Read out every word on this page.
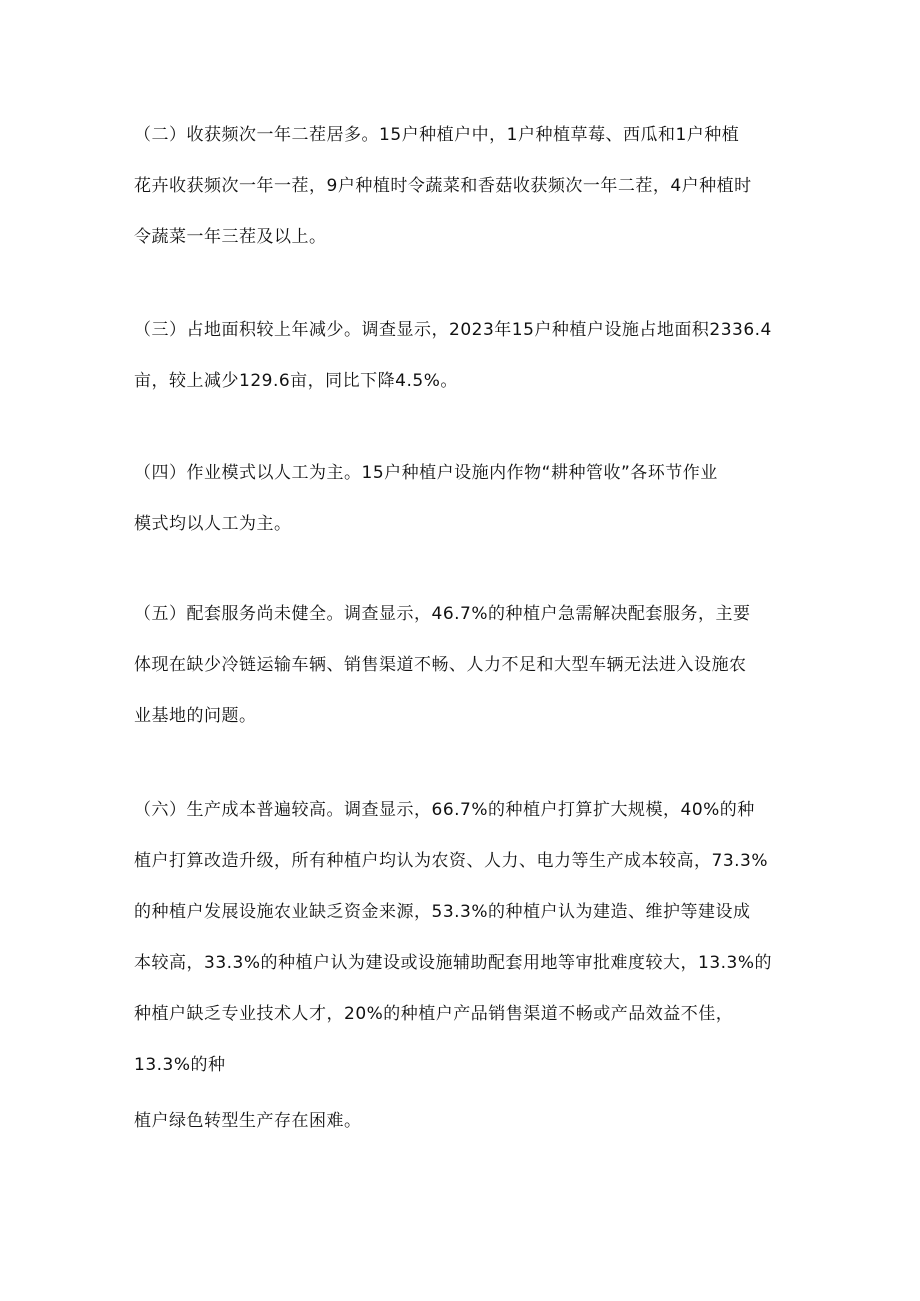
（二）收获频次一年二茬居多。15户种植户中，1户种植草莓、西瓜和1户种植
花卉收获频次一年一茬，9户种植时令蔬菜和香菇收获频次一年二茬，4户种植时
令蔬菜一年三茬及以上。

（三）占地面积较上年减少。调查显示，2023年15户种植户设施占地面积2336.4
亩，较上减少129.6亩，同比下降4.5%。

（四）作业模式以人工为主。15户种植户设施内作物“耕种管收”各环节作业
模式均以人工为主。

（五）配套服务尚未健全。调查显示，46.7%的种植户急需解决配套服务，主要
体现在缺少冷链运输车辆、销售渠道不畅、人力不足和大型车辆无法进入设施农
业基地的问题。

（六）生产成本普遍较高。调查显示，66.7%的种植户打算扩大规模，40%的种
植户打算改造升级，所有种植户均认为农资、人力、电力等生产成本较高，73.3%
的种植户发展设施农业缺乏资金来源，53.3%的种植户认为建造、维护等建设成
本较高，33.3%的种植户认为建设或设施辅助配套用地等审批难度较大，13.3%的
种植户缺乏专业技术人才，20%的种植户产品销售渠道不畅或产品效益不佳，
13.3%的种

植户绿色转型生产存在困难。
